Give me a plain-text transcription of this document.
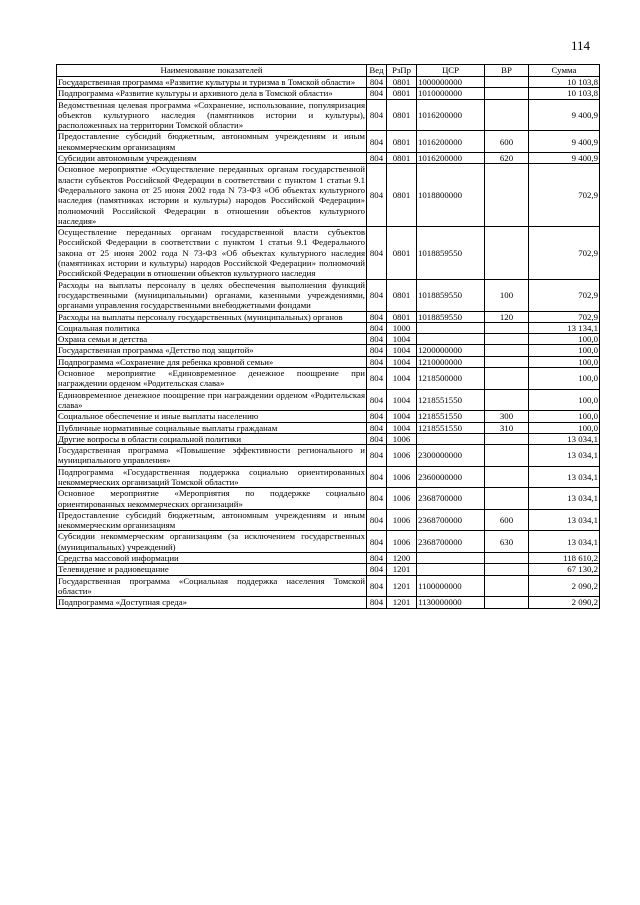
114
Наименование показателей	Вед	РзПр	ЦСР	ВР	Сумма
Государственная программа «Развитие культуры и туризма в Томской области»	804	0801	1000000000		10 103,8
Подпрограмма «Развитие культуры и архивного дела в Томской области»	804	0801	1010000000		10 103,8
Ведомственная целевая программа «Сохранение, использование, популяризация объектов культурного наследия (памятников истории и культуры), расположенных на территории Томской области»	804	0801	1016200000		9 400,9
Предоставление субсидий бюджетным, автономным учреждениям и иным некоммерческим организациям	804	0801	1016200000	600	9 400,9
Субсидии автономным учреждениям	804	0801	1016200000	620	9 400,9
Основное мероприятие «Осуществление переданных органам государственной власти субъектов Российской Федерации в соответствии с пунктом 1 статьи 9.1 Федерального закона от 25 июня 2002 года N 73-ФЗ «Об объектах культурного наследия (памятниках истории и культуры) народов Российской Федерации» полномочий Российской Федерации в отношении объектов культурного наследия»	804	0801	1018800000		702,9
Осуществление переданных органам государственной власти субъектов Российской Федерации в соответствии с пунктом 1 статьи 9.1 Федерального закона от 25 июня 2002 года N 73-ФЗ «Об объектах культурного наследия (памятниках истории и культуры) народов Российской Федерации» полномочий Российской Федерации в отношении объектов культурного наследия	804	0801	1018859550		702,9
Расходы на выплаты персоналу в целях обеспечения выполнения функций государственными (муниципальными) органами, казенными учреждениями, органами управления государственными внебюджетными фондами	804	0801	1018859550	100	702,9
Расходы на выплаты персоналу государственных (муниципальных) органов	804	0801	1018859550	120	702,9
Социальная политика	804	1000			13 134,1
Охрана семьи и детства	804	1004			100,0
Государственная программа «Детство под защитой»	804	1004	1200000000		100,0
Подпрограмма «Сохранение для ребенка кровной семьи»	804	1004	1210000000		100,0
Основное мероприятие «Единовременное денежное поощрение при награждении орденом «Родительская слава»	804	1004	1218500000		100,0
Единовременное денежное поощрение при награждении орденом «Родительская слава»	804	1004	1218551550		100,0
Социальное обеспечение и иные выплаты населению	804	1004	1218551550	300	100,0
Публичные нормативные социальные выплаты гражданам	804	1004	1218551550	310	100,0
Другие вопросы в области социальной политики	804	1006			13 034,1
Государственная программа «Повышение эффективности регионального и муниципального управления»	804	1006	2300000000		13 034,1
Подпрограмма «Государственная поддержка социально ориентированных некоммерческих организаций Томской области»	804	1006	2360000000		13 034,1
Основное мероприятие «Мероприятия по поддержке социально ориентированных некоммерческих организаций»	804	1006	2368700000		13 034,1
Предоставление субсидий бюджетным, автономным учреждениям и иным некоммерческим организациям	804	1006	2368700000	600	13 034,1
Субсидии некоммерческим организациям (за исключением государственных (муниципальных) учреждений)	804	1006	2368700000	630	13 034,1
Средства массовой информации	804	1200			118 610,2
Телевидение и радиовещание	804	1201			67 130,2
Государственная программа «Социальная поддержка населения Томской области»	804	1201	1100000000		2 090,2
Подпрограмма «Доступная среда»	804	1201	1130000000		2 090,2
